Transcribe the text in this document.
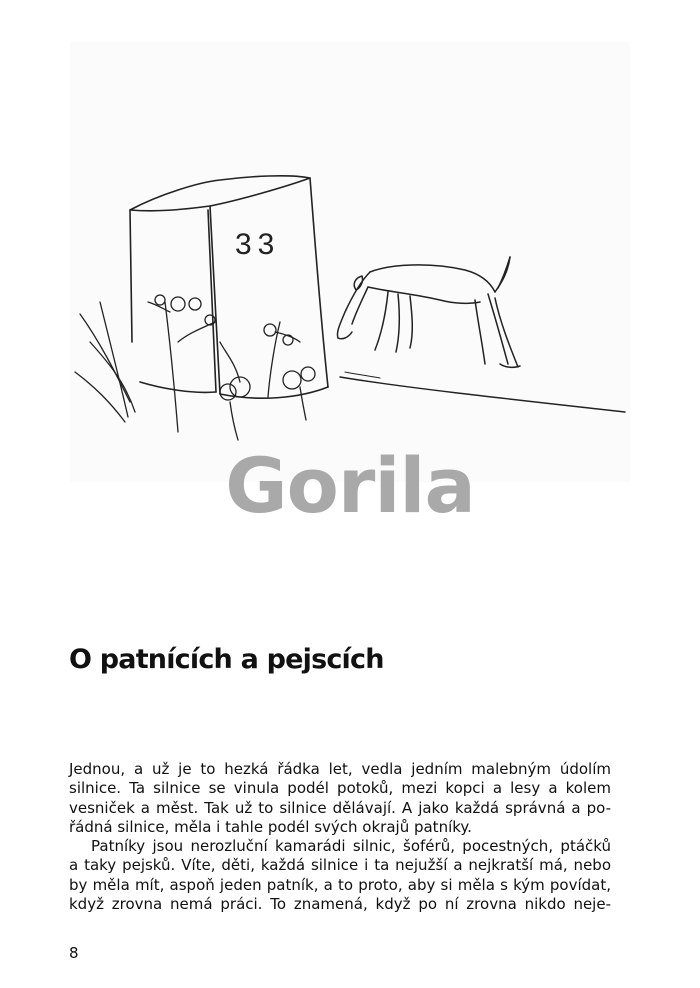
33
Gorila
O patnících a pejscích
Jednou, a už je to hezká řádka let, vedla jedním malebným údolím
silnice. Ta silnice se vinula podél potoků, mezi kopci a lesy a kolem
vesniček a měst. Tak už to silnice dělávají. A jako každá správná a po-
řádná silnice, měla i tahle podél svých okrajů patníky.
Patníky jsou nerozluční kamarádi silnic, šoférů, pocestných, ptáčků
a taky pejsků. Víte, děti, každá silnice i ta nejužší a nejkratší má, nebo
by měla mít, aspoň jeden patník, a to proto, aby si měla s kým povídat,
když zrovna nemá práci. To znamená, když po ní zrovna nikdo neje-
8
